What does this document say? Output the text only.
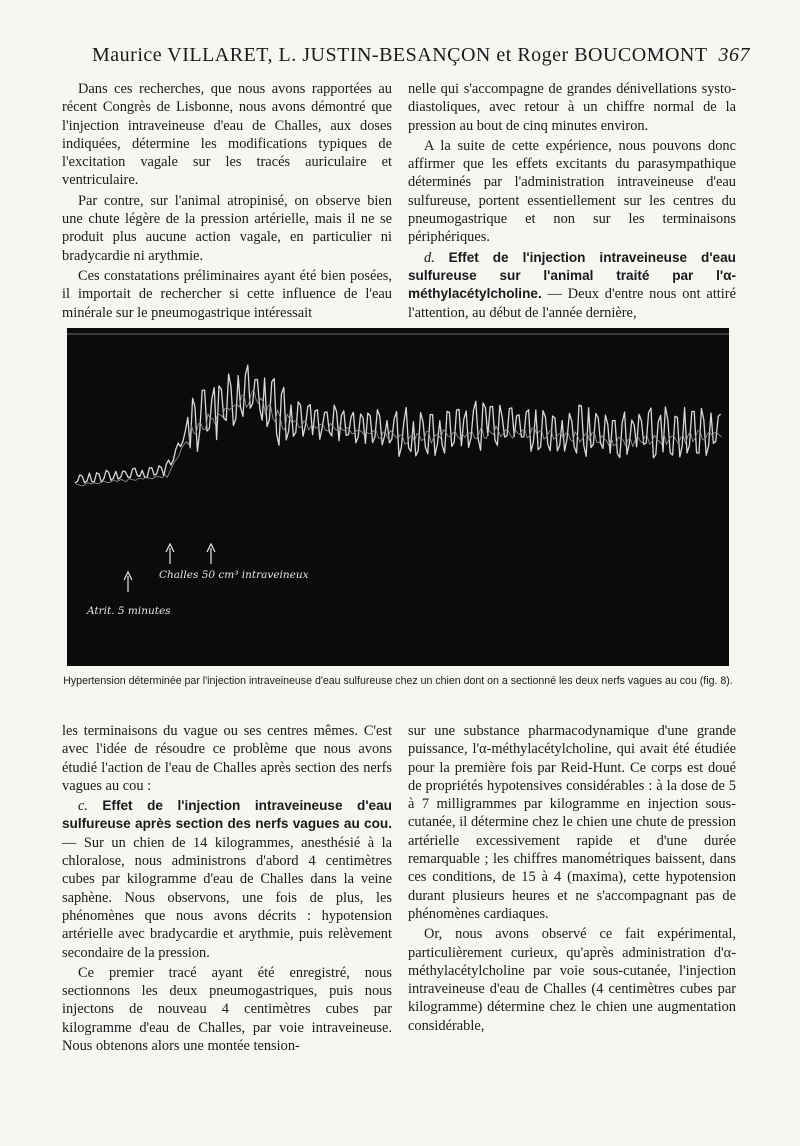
Maurice VILLARET, L. JUSTIN-BESANÇON et Roger BOUCOMONT 367

Dans ces recherches, que nous avons rapportées au récent Congrès de Lisbonne, nous avons démontré que l'injection intraveineuse d'eau de Challes, aux doses indiquées, détermine les modifications typiques de l'excitation vagale sur les tracés auriculaire et ventriculaire.

Par contre, sur l'animal atropinisé, on observe bien une chute légère de la pression artérielle, mais il ne se produit plus aucune action vagale, en particulier ni bradycardie ni arythmie.

Ces constatations préliminaires ayant été bien posées, il importait de rechercher si cette influence de l'eau minérale sur le pneumogastrique intéressait

nelle qui s'accompagne de grandes dénivellations systo-diastoliques, avec retour à un chiffre normal de la pression au bout de cinq minutes environ.

A la suite de cette expérience, nous pouvons donc affirmer que les effets excitants du parasympathique déterminés par l'administration intraveineuse d'eau sulfureuse, portent essentiellement sur les centres du pneumogastrique et non sur les terminaisons périphériques.

d. Effet de l'injection intraveineuse d'eau sulfureuse sur l'animal traité par l'α-méthylacétylcholine. — Deux d'entre nous ont attiré l'attention, au début de l'année dernière,

Challes 50 cm³ intraveineux
Atrit. 5 minutes
Hypertension déterminée par l'injection intraveineuse d'eau sulfureuse chez un chien dont on a sectionné les deux nerfs vagues au cou (fig. 8).

les terminaisons du vague ou ses centres mêmes. C'est avec l'idée de résoudre ce problème que nous avons étudié l'action de l'eau de Challes après section des nerfs vagues au cou :

c. Effet de l'injection intraveineuse d'eau sulfureuse après section des nerfs vagues au cou. — Sur un chien de 14 kilogrammes, anesthésié à la chloralose, nous administrons d'abord 4 centimètres cubes par kilogramme d'eau de Challes dans la veine saphène. Nous observons, une fois de plus, les phénomènes que nous avons décrits : hypotension artérielle avec bradycardie et arythmie, puis relèvement secondaire de la pression.

Ce premier tracé ayant été enregistré, nous sectionnons les deux pneumogastriques, puis nous injectons de nouveau 4 centimètres cubes par kilogramme d'eau de Challes, par voie intraveineuse. Nous obtenons alors une montée tension-

sur une substance pharmacodynamique d'une grande puissance, l'α-méthylacétylcholine, qui avait été étudiée pour la première fois par Reid-Hunt. Ce corps est doué de propriétés hypotensives considérables : à la dose de 5 à 7 milligrammes par kilogramme en injection sous-cutanée, il détermine chez le chien une chute de pression artérielle excessivement rapide et d'une durée remarquable ; les chiffres manométriques baissent, dans ces conditions, de 15 à 4 (maxima), cette hypotension durant plusieurs heures et ne s'accompagnant pas de phénomènes cardiaques.

Or, nous avons observé ce fait expérimental, particulièrement curieux, qu'après administration d'α-méthylacétylcholine par voie sous-cutanée, l'injection intraveineuse d'eau de Challes (4 centimètres cubes par kilogramme) détermine chez le chien une augmentation considérable,
